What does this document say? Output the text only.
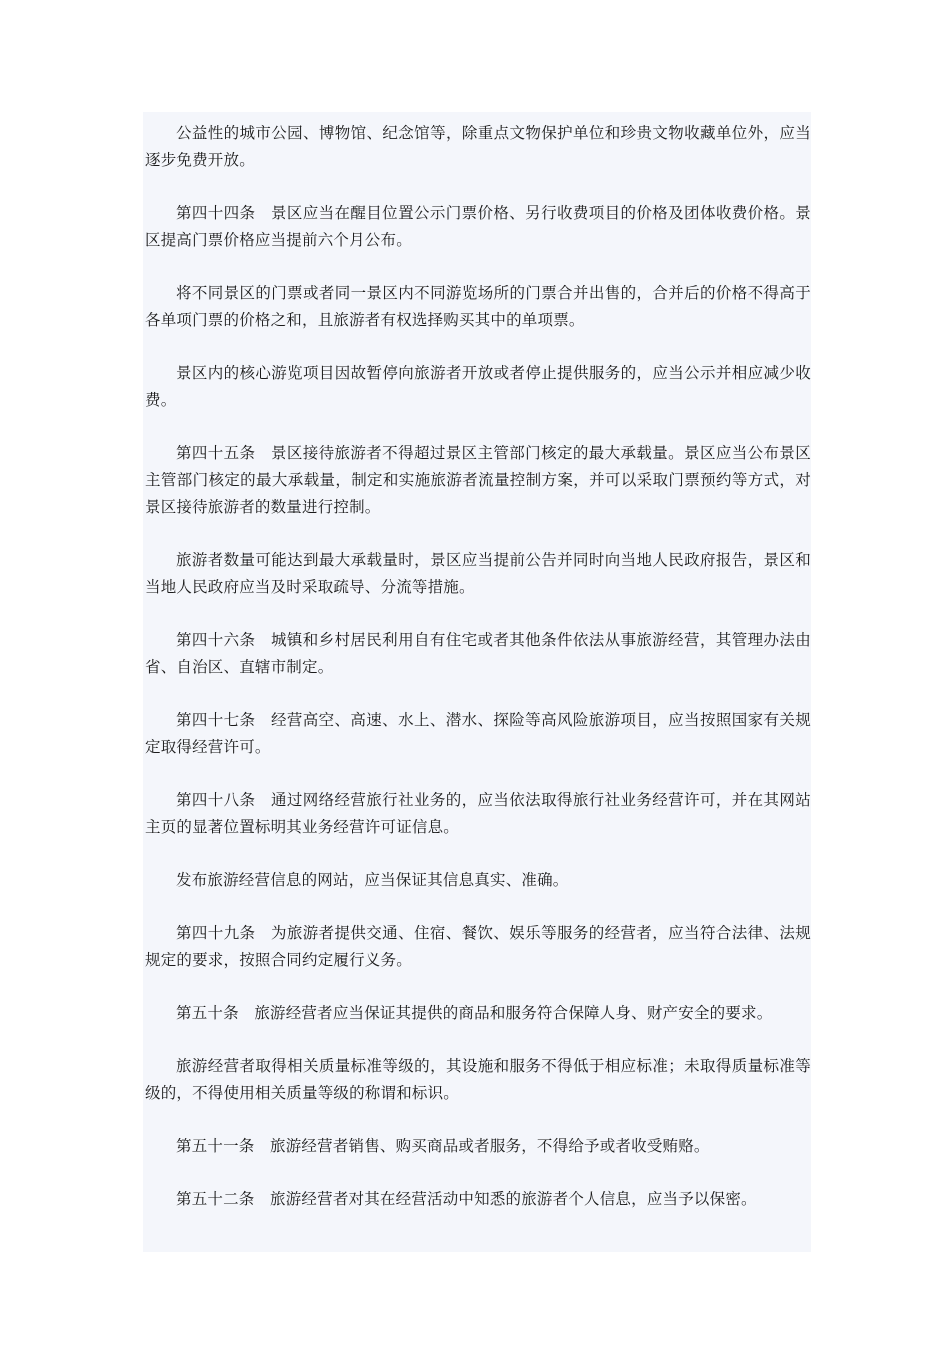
公益性的城市公园、博物馆、纪念馆等，除重点文物保护单位和珍贵文物收藏单位外，应当逐步免费开放。

第四十四条 景区应当在醒目位置公示门票价格、另行收费项目的价格及团体收费价格。景区提高门票价格应当提前六个月公布。

将不同景区的门票或者同一景区内不同游览场所的门票合并出售的，合并后的价格不得高于各单项门票的价格之和，且旅游者有权选择购买其中的单项票。

景区内的核心游览项目因故暂停向旅游者开放或者停止提供服务的，应当公示并相应减少收费。

第四十五条 景区接待旅游者不得超过景区主管部门核定的最大承载量。景区应当公布景区主管部门核定的最大承载量，制定和实施旅游者流量控制方案，并可以采取门票预约等方式，对景区接待旅游者的数量进行控制。

旅游者数量可能达到最大承载量时，景区应当提前公告并同时向当地人民政府报告，景区和当地人民政府应当及时采取疏导、分流等措施。

第四十六条 城镇和乡村居民利用自有住宅或者其他条件依法从事旅游经营，其管理办法由省、自治区、直辖市制定。

第四十七条 经营高空、高速、水上、潜水、探险等高风险旅游项目，应当按照国家有关规定取得经营许可。

第四十八条 通过网络经营旅行社业务的，应当依法取得旅行社业务经营许可，并在其网站主页的显著位置标明其业务经营许可证信息。

发布旅游经营信息的网站，应当保证其信息真实、准确。

第四十九条 为旅游者提供交通、住宿、餐饮、娱乐等服务的经营者，应当符合法律、法规规定的要求，按照合同约定履行义务。

第五十条 旅游经营者应当保证其提供的商品和服务符合保障人身、财产安全的要求。

旅游经营者取得相关质量标准等级的，其设施和服务不得低于相应标准；未取得质量标准等级的，不得使用相关质量等级的称谓和标识。

第五十一条 旅游经营者销售、购买商品或者服务，不得给予或者收受贿赂。

第五十二条 旅游经营者对其在经营活动中知悉的旅游者个人信息，应当予以保密。
